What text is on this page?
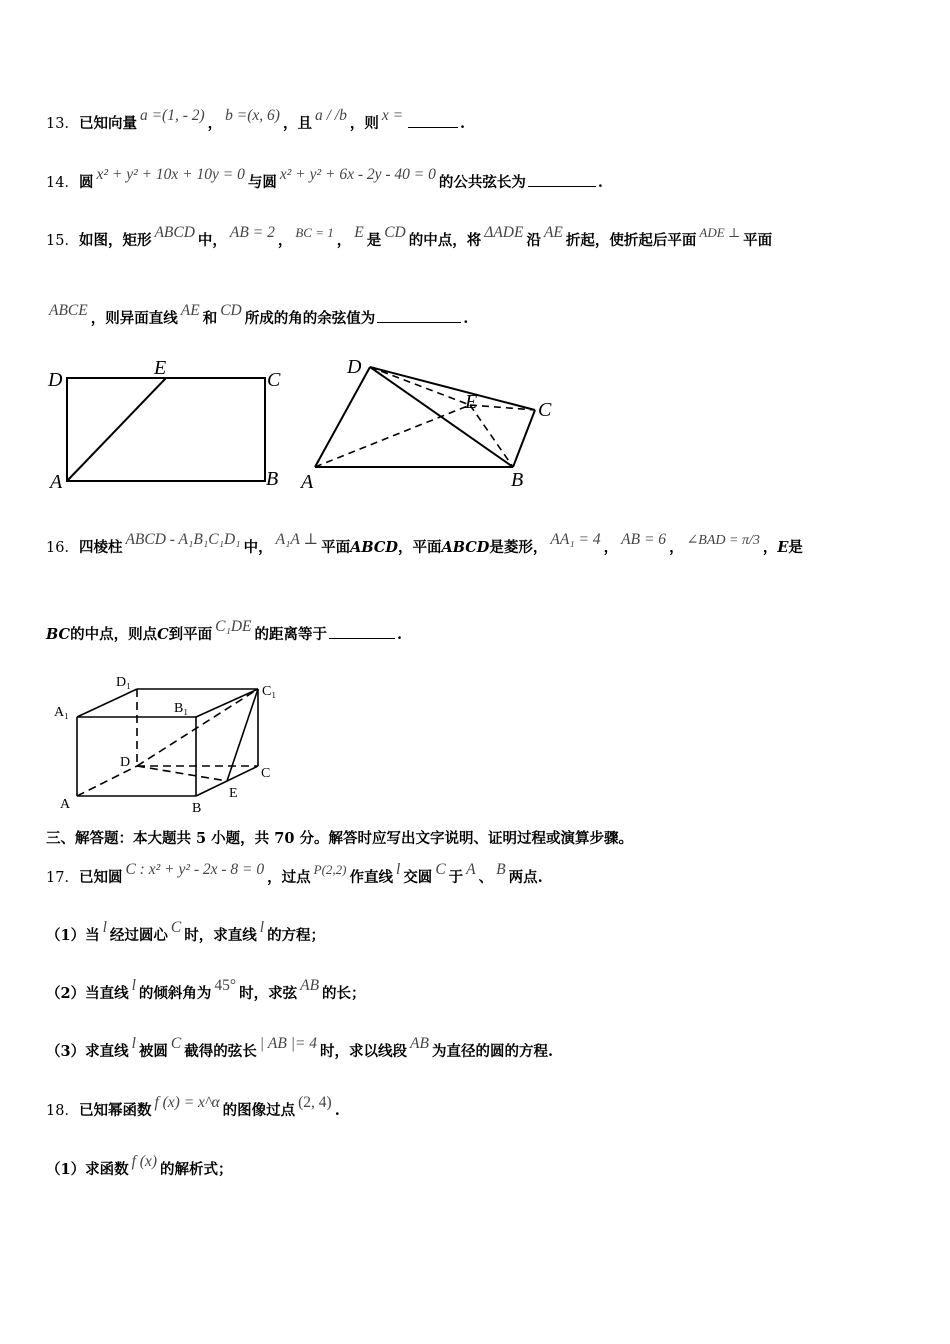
13．已知向量 a =(1, - 2) ， b =(x, 6) ，且 a / /b ，则 x =	.
14．圆 x² + y² + 10x + 10y = 0 与圆 x² + y² + 6x - 2y - 40 = 0 的公共弦长为	.
15．如图，矩形 ABCD 中， AB = 2 ， BC = 1 ， E 是 CD 的中点，将 ΔADE 沿 AE 折起，使折起后平面 ADE ⊥ 平面
ABCE ，则异面直线 AE 和 CD 所成的角的余弦值为	.
D
E
C
A	B
D
E	C
A	B
16．四棱柱 ABCD - A₁B₁C₁D₁ 中， A₁A ⊥ 平面ABCD，平面ABCD是菱形， AA₁ = 4 ， AB = 6 ， ∠BAD = π/3 ，E是
BC的中点，则点C到平面 C₁DE 的距离等于	.
A₁
D₁
B₁
C₁
D
C
A	B
E
三、解答题：本大题共 5 小题，共 70 分。解答时应写出文字说明、证明过程或演算步骤。
17．已知圆 C : x² + y² - 2x - 8 = 0 ，过点 P(2,2) 作直线 l 交圆 C 于 A 、 B 两点.
（1）当 l 经过圆心 C 时，求直线 l 的方程；
（2）当直线 l 的倾斜角为 45° 时，求弦 AB 的长；
（3）求直线 l 被圆 C 截得的弦长 | AB |= 4 时，求以线段 AB 为直径的圆的方程.
18．已知幂函数 f (x) = x^α 的图像过点 (2, 4) .
（1）求函数 f (x) 的解析式；
